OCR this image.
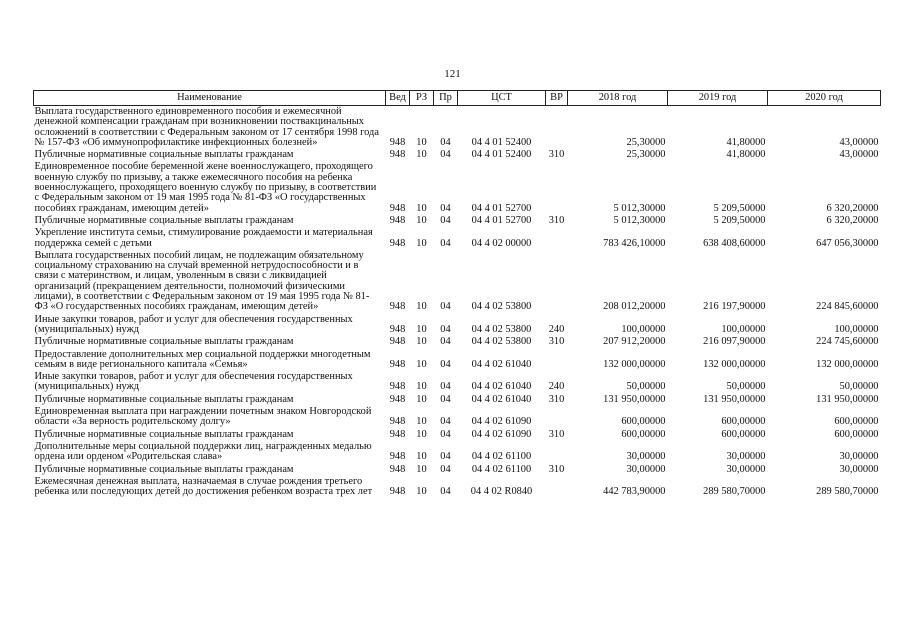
121
Наименование	Вед	РЗ	Пр	ЦСТ	ВР	2018 год	2019 год	2020 год
Выплата государственного единовременного пособия и ежемесячной денежной компенсации гражданам при возникновении поствакцинальных осложнений в соответствии с Федеральным законом от 17 сентября 1998 года № 157-ФЗ «Об иммунопрофилактике инфекционных болезней»	948	10	04	04 4 01 52400		25,30000	41,80000	43,00000
Публичные нормативные социальные выплаты гражданам	948	10	04	04 4 01 52400	310	25,30000	41,80000	43,00000
Единовременное пособие беременной жене военнослужащего, проходящего военную службу по призыву, а также ежемесячного пособия на ребенка военнослужащего, проходящего военную службу по призыву, в соответствии с Федеральным законом от 19 мая 1995 года № 81-ФЗ «О государственных пособиях гражданам, имеющим детей»	948	10	04	04 4 01 52700		5 012,30000	5 209,50000	6 320,20000
Публичные нормативные социальные выплаты гражданам	948	10	04	04 4 01 52700	310	5 012,30000	5 209,50000	6 320,20000
Укрепление института семьи, стимулирование рождаемости и материальная поддержка семей с детьми	948	10	04	04 4 02 00000		783 426,10000	638 408,60000	647 056,30000
Выплата государственных пособий лицам, не подлежащим обязательному социальному страхованию на случай временной нетрудоспособности и в связи с материнством, и лицам, уволенным в связи с ликвидацией организаций (прекращением деятельности, полномочий физическими лицами), в соответствии с Федеральным законом от 19 мая 1995 года № 81-ФЗ «О государственных пособиях гражданам, имеющим детей»	948	10	04	04 4 02 53800		208 012,20000	216 197,90000	224 845,60000
Иные закупки товаров, работ и услуг для обеспечения государственных (муниципальных) нужд	948	10	04	04 4 02 53800	240	100,00000	100,00000	100,00000
Публичные нормативные социальные выплаты гражданам	948	10	04	04 4 02 53800	310	207 912,20000	216 097,90000	224 745,60000
Предоставление дополнительных мер социальной поддержки многодетным семьям в виде регионального капитала «Семья»	948	10	04	04 4 02 61040		132 000,00000	132 000,00000	132 000,00000
Иные закупки товаров, работ и услуг для обеспечения государственных (муниципальных) нужд	948	10	04	04 4 02 61040	240	50,00000	50,00000	50,00000
Публичные нормативные социальные выплаты гражданам	948	10	04	04 4 02 61040	310	131 950,00000	131 950,00000	131 950,00000
Единовременная выплата при награждении почетным знаком Новгородской области «За верность родительскому долгу»	948	10	04	04 4 02 61090		600,00000	600,00000	600,00000
Публичные нормативные социальные выплаты гражданам	948	10	04	04 4 02 61090	310	600,00000	600,00000	600,00000
Дополнительные меры социальной поддержки лиц, награжденных медалью ордена или орденом «Родительская слава»	948	10	04	04 4 02 61100		30,00000	30,00000	30,00000
Публичные нормативные социальные выплаты гражданам	948	10	04	04 4 02 61100	310	30,00000	30,00000	30,00000
Ежемесячная денежная выплата, назначаемая в случае рождения третьего ребенка или последующих детей до достижения ребенком возраста трех лет	948	10	04	04 4 02 R0840		442 783,90000	289 580,70000	289 580,70000
